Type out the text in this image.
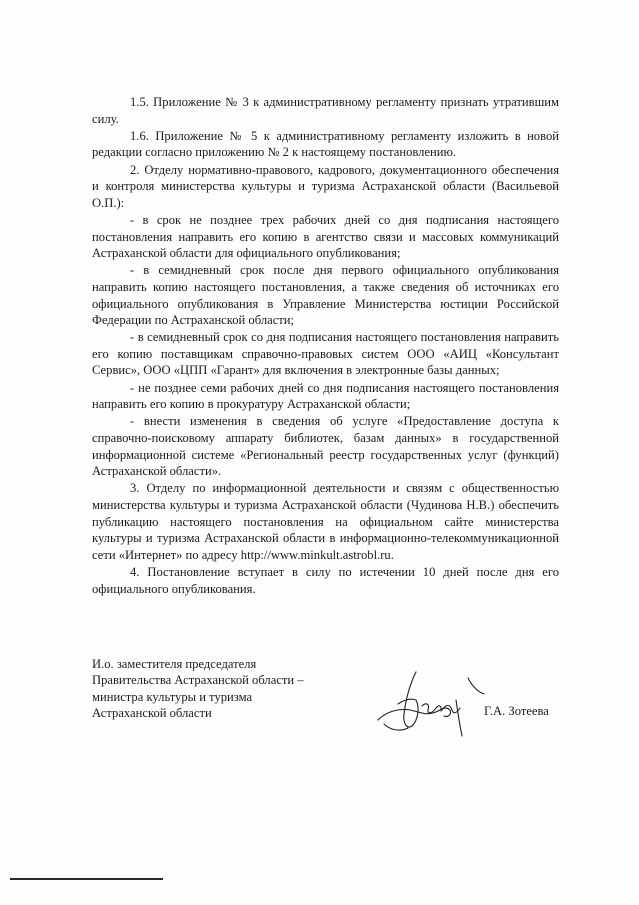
1.5. Приложение № 3 к административному регламенту признать утратившим силу.

1.6. Приложение № 5 к административному регламенту изложить в новой редакции согласно приложению № 2 к настоящему постановлению.

2. Отделу нормативно-правового, кадрового, документационного обеспечения и контроля министерства культуры и туризма Астраханской области (Васильевой О.П.):

- в срок не позднее трех рабочих дней со дня подписания настоящего постановления направить его копию в агентство связи и массовых коммуникаций Астраханской области для официального опубликования;

- в семидневный срок после дня первого официального опубликования направить копию настоящего постановления, а также сведения об источниках его официального опубликования в Управление Министерства юстиции Российской Федерации по Астраханской области;

- в семидневный срок со дня подписания настоящего постановления направить его копию поставщикам справочно-правовых систем ООО «АИЦ «Консультант Сервис», ООО «ЦПП «Гарант» для включения в электронные базы данных;

- не позднее семи рабочих дней со дня подписания настоящего постановления направить его копию в прокуратуру Астраханской области;

- внести изменения в сведения об услуге «Предоставление доступа к справочно-поисковому аппарату библиотек, базам данных» в государственной информационной системе «Региональный реестр государственных услуг (функций) Астраханской области».

3. Отделу по информационной деятельности и связям с общественностью министерства культуры и туризма Астраханской области (Чудинова Н.В.) обеспечить публикацию настоящего постановления на официальном сайте министерства культуры и туризма Астраханской области в информационно-телекоммуникационной сети «Интернет» по адресу http://www.minkult.astrobl.ru.

4. Постановление вступает в силу по истечении 10 дней после дня его официального опубликования.

И.о. заместителя председателя
Правительства Астраханской области –
министра культуры и туризма
Астраханской области	Г.А. Зотеева
